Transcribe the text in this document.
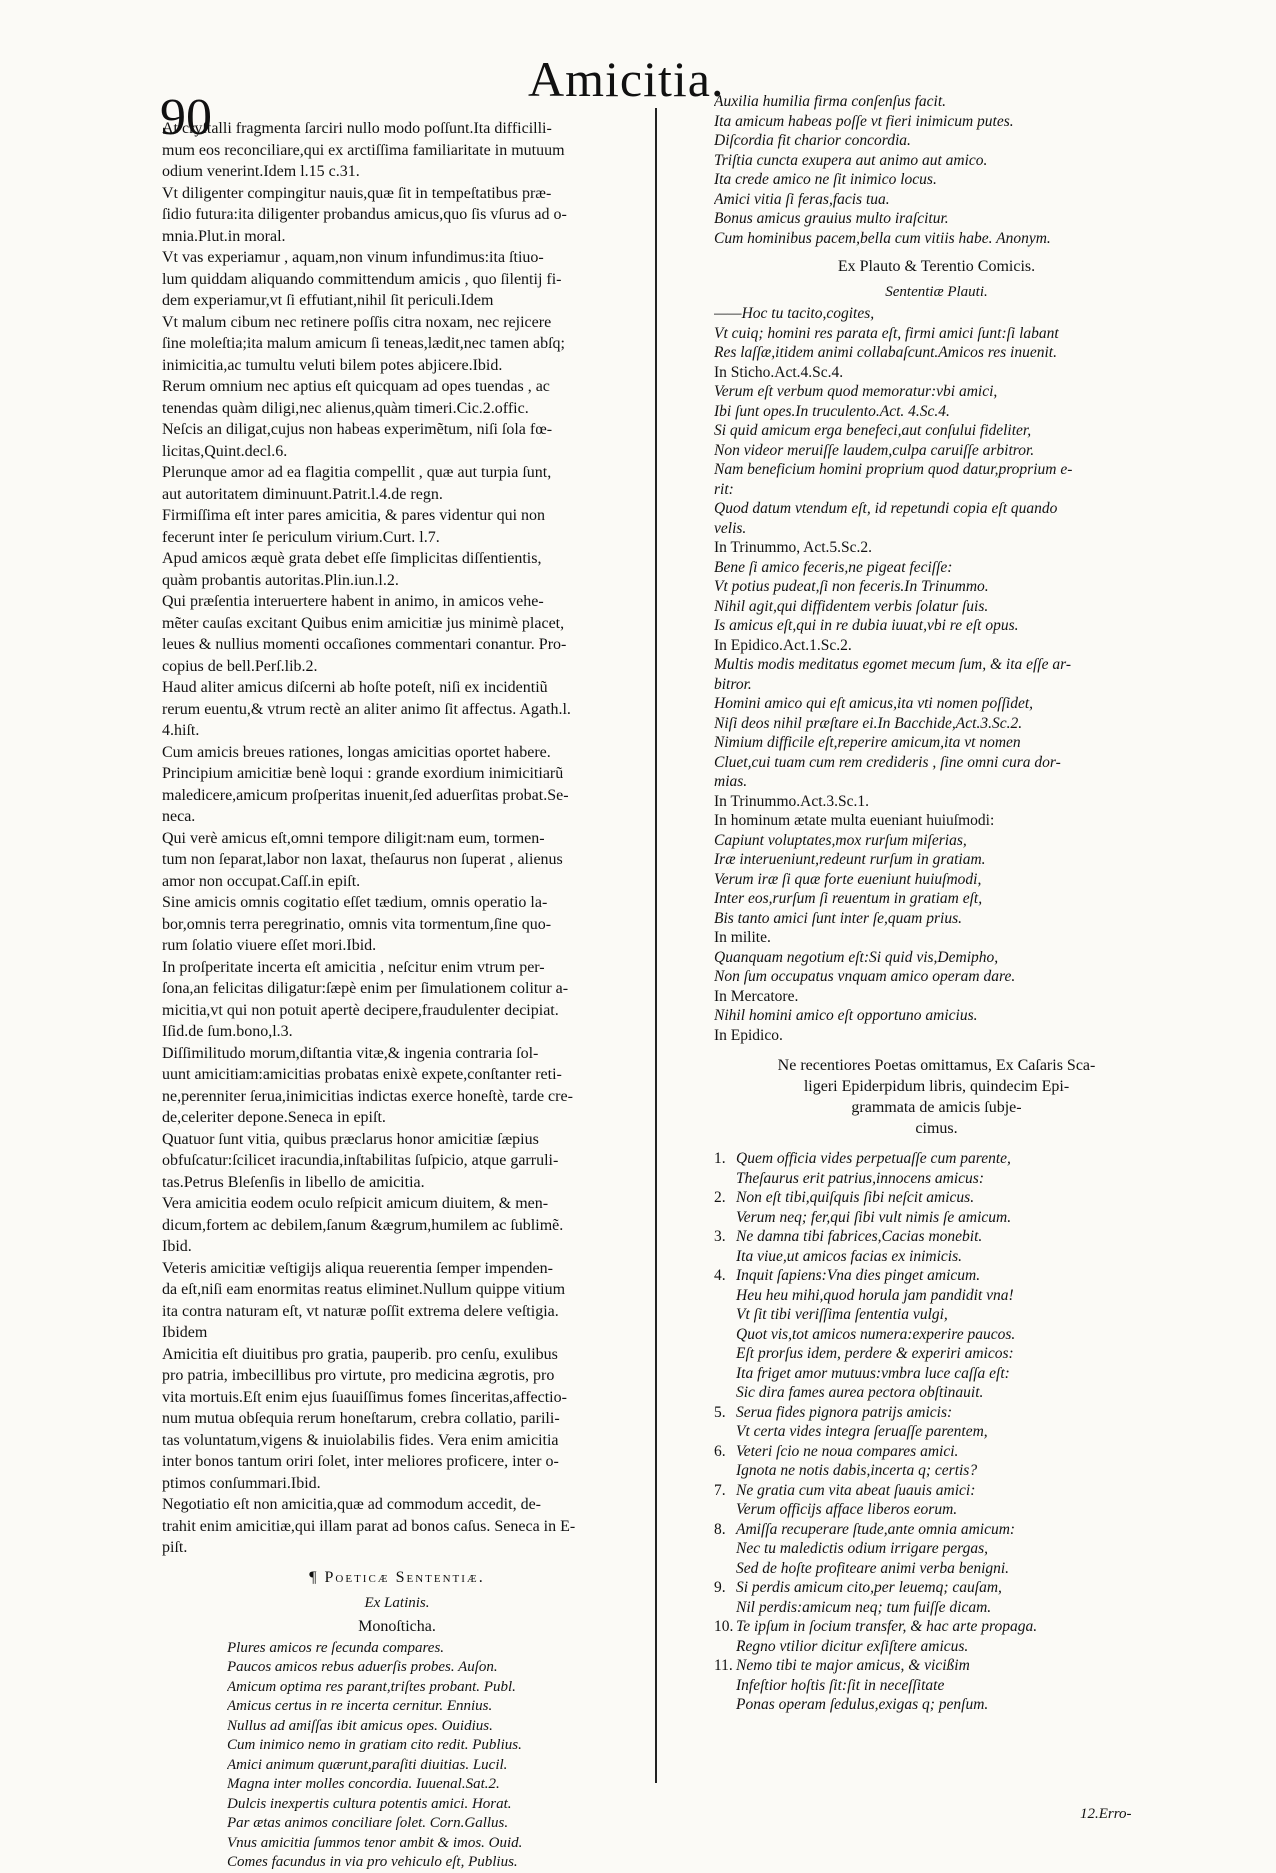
90
Amicitia.
At cryſtalli fragmenta ſarciri nullo modo poſſunt.Ita difficilli-
mum eos reconciliare,qui ex arctiſſima familiaritate in mutuum
odium venerint.Idem l.15 c.31.
Vt diligenter compingitur nauis,quæ ſit in tempeſtatibus præ-
ſidio futura:ita diligenter probandus amicus,quo ſis vſurus ad o-
mnia.Plut.in moral.
Vt vas experiamur , aquam,non vinum infundimus:ita ſtiuo-
lum quiddam aliquando committendum amicis , quo ſilentij fi-
dem experiamur,vt ſi effutiant,nihil ſit periculi.Idem
Vt malum cibum nec retinere poſſis citra noxam, nec rejicere
ſine moleſtia;ita malum amicum ſi teneas,lædit,nec tamen abſq;
inimicitia,ac tumultu veluti bilem potes abjicere.Ibid.
Rerum omnium nec aptius eſt quicquam ad opes tuendas , ac
tenendas quàm diligi,nec alienus,quàm timeri.Cic.2.offic.
Neſcis an diligat,cujus non habeas experimẽtum, niſi ſola fœ-
licitas,Quint.decl.6.
Plerunque amor ad ea flagitia compellit , quæ aut turpia ſunt,
aut autoritatem diminuunt.Patrit.l.4.de regn.
Firmiſſima eſt inter pares amicitia, & pares videntur qui non
fecerunt inter ſe periculum virium.Curt. l.7.
Apud amicos æquè grata debet eſſe ſimplicitas diſſentientis,
quàm probantis autoritas.Plin.iun.l.2.
Qui præſentia interuertere habent in animo, in amicos vehe-
mẽter cauſas excitant Quibus enim amicitiæ jus minimè placet,
leues & nullius momenti occaſiones commentari conantur. Pro-
copius de bell.Perſ.lib.2.
Haud aliter amicus diſcerni ab hoſte poteſt, niſi ex incidentiũ
rerum euentu,& vtrum rectè an aliter animo ſit affectus. Agath.l.
4.hiſt.
Cum amicis breues rationes, longas amicitias oportet habere.
Principium amicitiæ benè loqui : grande exordium inimicitiarũ
maledicere,amicum proſperitas inuenit,ſed aduerſitas probat.Se-
neca.
Qui verè amicus eſt,omni tempore diligit:nam eum, tormen-
tum non ſeparat,labor non laxat, theſaurus non ſuperat , alienus
amor non occupat.Caſſ.in epiſt.
Sine amicis omnis cogitatio eſſet tædium, omnis operatio la-
bor,omnis terra peregrinatio, omnis vita tormentum,ſine quo-
rum ſolatio viuere eſſet mori.Ibid.
In proſperitate incerta eſt amicitia , neſcitur enim vtrum per-
ſona,an felicitas diligatur:ſæpè enim per ſimulationem colitur a-
micitia,vt qui non potuit apertè decipere,fraudulenter decipiat.
Iſid.de ſum.bono,l.3.
Diſſimilitudo morum,diſtantia vitæ,& ingenia contraria ſol-
uunt amicitiam:amicitias probatas enixè expete,conſtanter reti-
ne,perenniter ſerua,inimicitias indictas exerce honeſtè, tarde cre-
de,celeriter depone.Seneca in epiſt.
Quatuor ſunt vitia, quibus præclarus honor amicitiæ ſæpius
obfuſcatur:ſcilicet iracundia,inſtabilitas ſuſpicio, atque garruli-
tas.Petrus Bleſenſis in libello de amicitia.
Vera amicitia eodem oculo reſpicit amicum diuitem, & men-
dicum,fortem ac debilem,ſanum &ægrum,humilem ac ſublimẽ.
Ibid.
Veteris amicitiæ veſtigijs aliqua reuerentia ſemper impenden-
da eſt,niſi eam enormitas reatus eliminet.Nullum quippe vitium
ita contra naturam eſt, vt naturæ poſſit extrema delere veſtigia.
Ibidem
Amicitia eſt diuitibus pro gratia, pauperib. pro cenſu, exulibus
pro patria, imbecillibus pro virtute, pro medicina ægrotis, pro
vita mortuis.Eſt enim ejus ſuauiſſimus fomes ſinceritas,affectio-
num mutua obſequia rerum honeſtarum, crebra collatio, parili-
tas voluntatum,vigens & inuiolabilis fides. Vera enim amicitia
inter bonos tantum oriri ſolet, inter meliores proficere, inter o-
ptimos conſummari.Ibid.
Negotiatio eſt non amicitia,quæ ad commodum accedit, de-
trahit enim amicitiæ,qui illam parat ad bonos caſus. Seneca in E-
piſt.
¶ Poeticæ Sententiæ.
Ex Latinis.
Monoſticha.
Plures amicos re ſecunda compares.
Paucos amicos rebus aduerſis probes. Auſon.
Amicum optima res parant,triſtes probant. Publ.
Amicus certus in re incerta cernitur. Ennius.
Nullus ad amiſſas ibit amicus opes. Ouidius.
Cum inimico nemo in gratiam cito redit. Publius.
Amici animum quærunt,paraſiti diuitias. Lucil.
Magna inter molles concordia. Iuuenal.Sat.2.
Dulcis inexpertis cultura potentis amici. Horat.
Par ætas animos conciliare ſolet. Corn.Gallus.
Vnus amicitia ſummos tenor ambit & imos. Ouid.
Comes facundus in via pro vehiculo eſt, Publius.
Auxilia humilia firma conſenſus facit.
Ita amicum habeas poſſe vt fieri inimicum putes.
Diſcordia fit charior concordia.
Triſtia cuncta exupera aut animo aut amico.
Ita crede amico ne ſit inimico locus.
Amici vitia ſi feras,facis tua.
Bonus amicus grauius multo iraſcitur.
Cum hominibus pacem,bella cum vitiis habe. Anonym.
Ex Plauto & Terentio Comicis.
Sententiæ Plauti.
——Hoc tu tacito,cogites,
Vt cuiq; homini res parata eſt, firmi amici ſunt:ſi labant
Res laſſæ,itidem animi collabaſcunt.Amicos res inuenit.
In Sticho.Act.4.Sc.4.
Verum eſt verbum quod memoratur:vbi amici,
Ibi ſunt opes.In truculento.Act. 4.Sc.4.
Si quid amicum erga benefeci,aut conſului fideliter,
Non videor meruiſſe laudem,culpa caruiſſe arbitror.
Nam beneficium homini proprium quod datur,proprium e-
rit:
Quod datum vtendum eſt, id repetundi copia eſt quando
velis.
In Trinummo, Act.5.Sc.2.
Bene ſi amico feceris,ne pigeat feciſſe:
Vt potius pudeat,ſi non feceris.In Trinummo.
Nihil agit,qui diffidentem verbis ſolatur ſuis.
Is amicus eſt,qui in re dubia iuuat,vbi re eſt opus.
In Epidico.Act.1.Sc.2.
Multis modis meditatus egomet mecum ſum, & ita eſſe ar-
bitror.
Homini amico qui eſt amicus,ita vti nomen poſſidet,
Niſi deos nihil præſtare ei.In Bacchide,Act.3.Sc.2.
Nimium difficile eſt,reperire amicum,ita vt nomen
Cluet,cui tuam cum rem credideris , ſine omni cura dor-
mias.
In Trinummo.Act.3.Sc.1.
In hominum ætate multa eueniant huiuſmodi:
Capiunt voluptates,mox rurſum miſerias,
Iræ interueniunt,redeunt rurſum in gratiam.
Verum iræ ſi quæ forte eueniunt huiuſmodi,
Inter eos,rurſum ſi reuentum in gratiam eſt,
Bis tanto amici ſunt inter ſe,quam prius.
In milite.
Quanquam negotium eſt:Si quid vis,Demipho,
Non ſum occupatus vnquam amico operam dare.
In Mercatore.
Nihil homini amico eſt opportuno amicius.
In Epidico.
Ne recentiores Poetas omittamus, Ex Caſaris Sca-
ligeri Epiderpidum libris, quindecim Epi-
grammata de amicis ſubje-
cimus.
1. Quem officia vides perpetuaſſe cum parente,
Theſaurus erit patrius,innocens amicus:
2. Non eſt tibi,quiſquis ſibi neſcit amicus.
Verum neq; fer,qui ſibi vult nimis ſe amicum.
3. Ne damna tibi fabrices,Cacias monebit.
Ita viue,ut amicos facias ex inimicis.
4. Inquit ſapiens:Vna dies pinget amicum.
Heu heu mihi,quod horula jam pandidit vna!
Vt ſit tibi veriſſima ſententia vulgi,
Quot vis,tot amicos numera:experire paucos.
Eſt prorſus idem, perdere & experiri amicos:
Ita friget amor mutuus:vmbra luce caſſa eſt:
Sic dira fames aurea pectora obſtinauit.
5. Serua fides pignora patrijs amicis:
Vt certa vides integra ſeruaſſe parentem,
6. Veteri ſcio ne noua compares amici.
Ignota ne notis dabis,incerta q; certis?
7. Ne gratia cum vita abeat ſuauis amici:
Verum officijs afface liberos eorum.
8. Amiſſa recuperare ſtude,ante omnia amicum:
Nec tu maledictis odium irrigare pergas,
Sed de hoſte profiteare animi verba benigni.
9. Si perdis amicum cito,per leuemq; cauſam,
Nil perdis:amicum neq; tum fuiſſe dicam.
10. Te ipſum in ſocium transfer, & hac arte propaga.
Regno vtilior dicitur exſiſtere amicus.
11. Nemo tibi te major amicus, & vicißim
Infeſtior hoſtis ſit:ſit in neceſſitate
Ponas operam ſedulus,exigas q; penſum.
12.Erro-
